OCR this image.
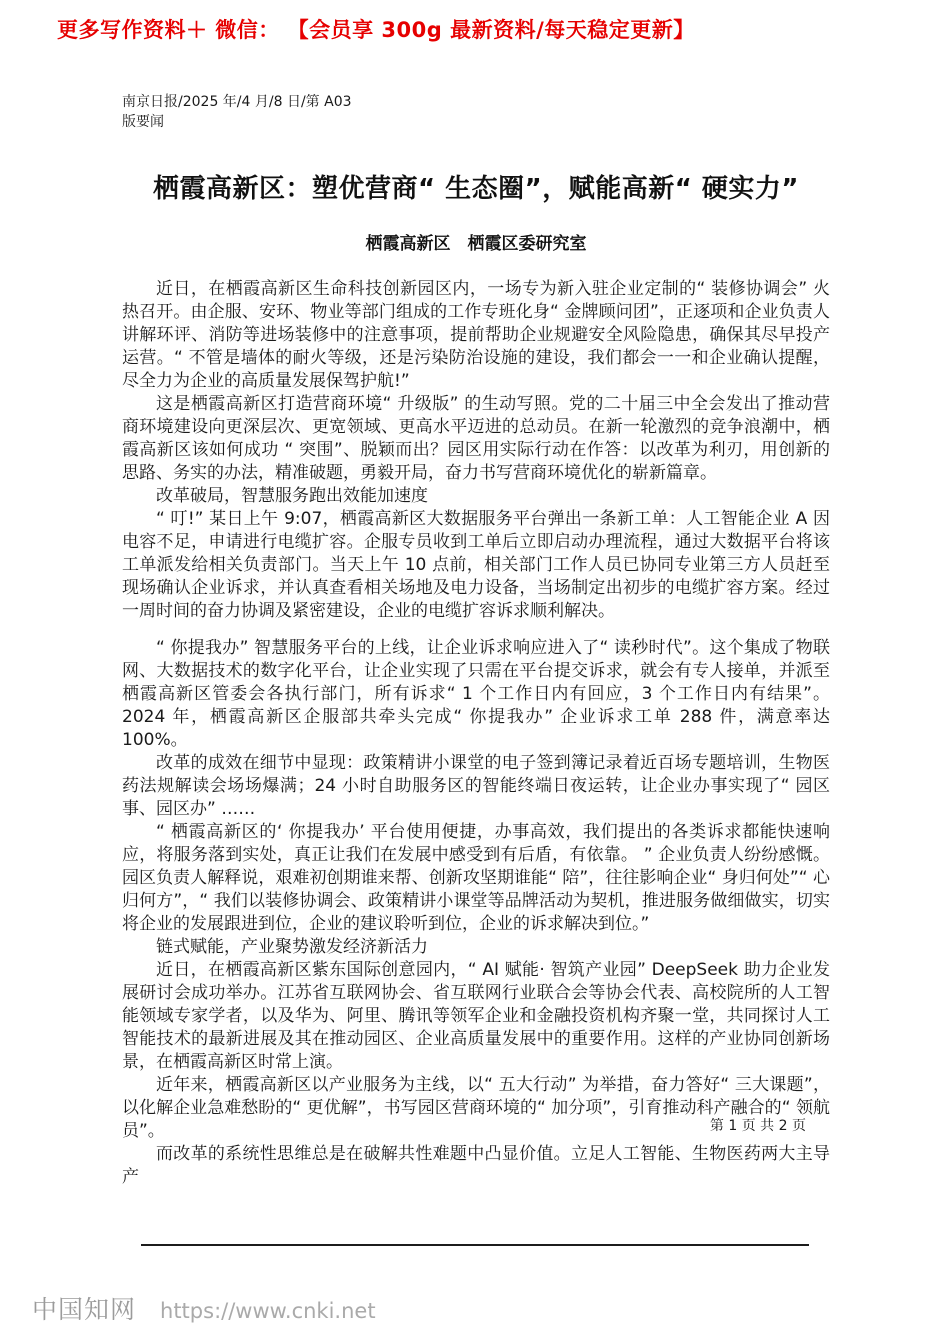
更多写作资料＋ 微信： 【会员享 300g 最新资料/每天稳定更新】
南京日报/2025 年/4 月/8 日/第 A03
版要闻
栖霞高新区：塑优营商“ 生态圈”，赋能高新“ 硬实力”
栖霞高新区　栖霞区委研究室

近日，在栖霞高新区生命科技创新园区内，一场专为新入驻企业定制的“ 装修协调会” 火热召开。由企服、安环、物业等部门组成的工作专班化身“ 金牌顾问团”，正逐项和企业负责人讲解环评、消防等进场装修中的注意事项，提前帮助企业规避安全风险隐患，确保其尽早投产运营。“ 不管是墙体的耐火等级，还是污染防治设施的建设，我们都会一一和企业确认提醒，尽全力为企业的高质量发展保驾护航!”

这是栖霞高新区打造营商环境“ 升级版” 的生动写照。党的二十届三中全会发出了推动营商环境建设向更深层次、更宽领域、更高水平迈进的总动员。在新一轮激烈的竞争浪潮中，栖霞高新区该如何成功 “ 突围”、脱颖而出？园区用实际行动在作答：以改革为利刃，用创新的思路、务实的办法，精准破题，勇毅开局，奋力书写营商环境优化的崭新篇章。

改革破局，智慧服务跑出效能加速度

“ 叮!” 某日上午 9:07，栖霞高新区大数据服务平台弹出一条新工单：人工智能企业 A 因电容不足，申请进行电缆扩容。企服专员收到工单后立即启动办理流程，通过大数据平台将该工单派发给相关负责部门。当天上午 10 点前，相关部门工作人员已协同专业第三方人员赶至现场确认企业诉求，并认真查看相关场地及电力设备，当场制定出初步的电缆扩容方案。经过一周时间的奋力协调及紧密建设，企业的电缆扩容诉求顺利解决。

“ 你提我办” 智慧服务平台的上线，让企业诉求响应进入了“ 读秒时代”。这个集成了物联网、大数据技术的数字化平台，让企业实现了只需在平台提交诉求，就会有专人接单，并派至栖霞高新区管委会各执行部门，所有诉求“ 1 个工作日内有回应，3 个工作日内有结果”。2024 年，栖霞高新区企服部共牵头完成“ 你提我办” 企业诉求工单 288 件，满意率达 100%。

改革的成效在细节中显现：政策精讲小课堂的电子签到簿记录着近百场专题培训，生物医药法规解读会场场爆满；24 小时自助服务区的智能终端日夜运转，让企业办事实现了“ 园区事、园区办” ……

“ 栖霞高新区的‘ 你提我办’ 平台使用便捷，办事高效，我们提出的各类诉求都能快速响应，将服务落到实处，真正让我们在发展中感受到有后盾，有依靠。 ” 企业负责人纷纷感慨。园区负责人解释说，艰难初创期谁来帮、创新攻坚期谁能“ 陪”，往往影响企业“ 身归何处”“ 心归何方”，“ 我们以装修协调会、政策精讲小课堂等品牌活动为契机，推进服务做细做实，切实将企业的发展跟进到位，企业的建议聆听到位，企业的诉求解决到位。”

链式赋能，产业聚势激发经济新活力

近日，在栖霞高新区紫东国际创意园内，“ AI 赋能· 智筑产业园” DeepSeek 助力企业发展研讨会成功举办。江苏省互联网协会、省互联网行业联合会等协会代表、高校院所的人工智能领域专家学者，以及华为、阿里、腾讯等领军企业和金融投资机构齐聚一堂，共同探讨人工智能技术的最新进展及其在推动园区、企业高质量发展中的重要作用。这样的产业协同创新场景，在栖霞高新区时常上演。

近年来，栖霞高新区以产业服务为主线，以“ 五大行动” 为举措，奋力答好“ 三大课题”，以化解企业急难愁盼的“ 更优解”，书写园区营商环境的“ 加分项”，引育推动科产融合的“ 领航员”。

而改革的系统性思维总是在破解共性难题中凸显价值。立足人工智能、生物医药两大主导产

第 1 页 共 2 页
中国知网 https://www.cnki.net
